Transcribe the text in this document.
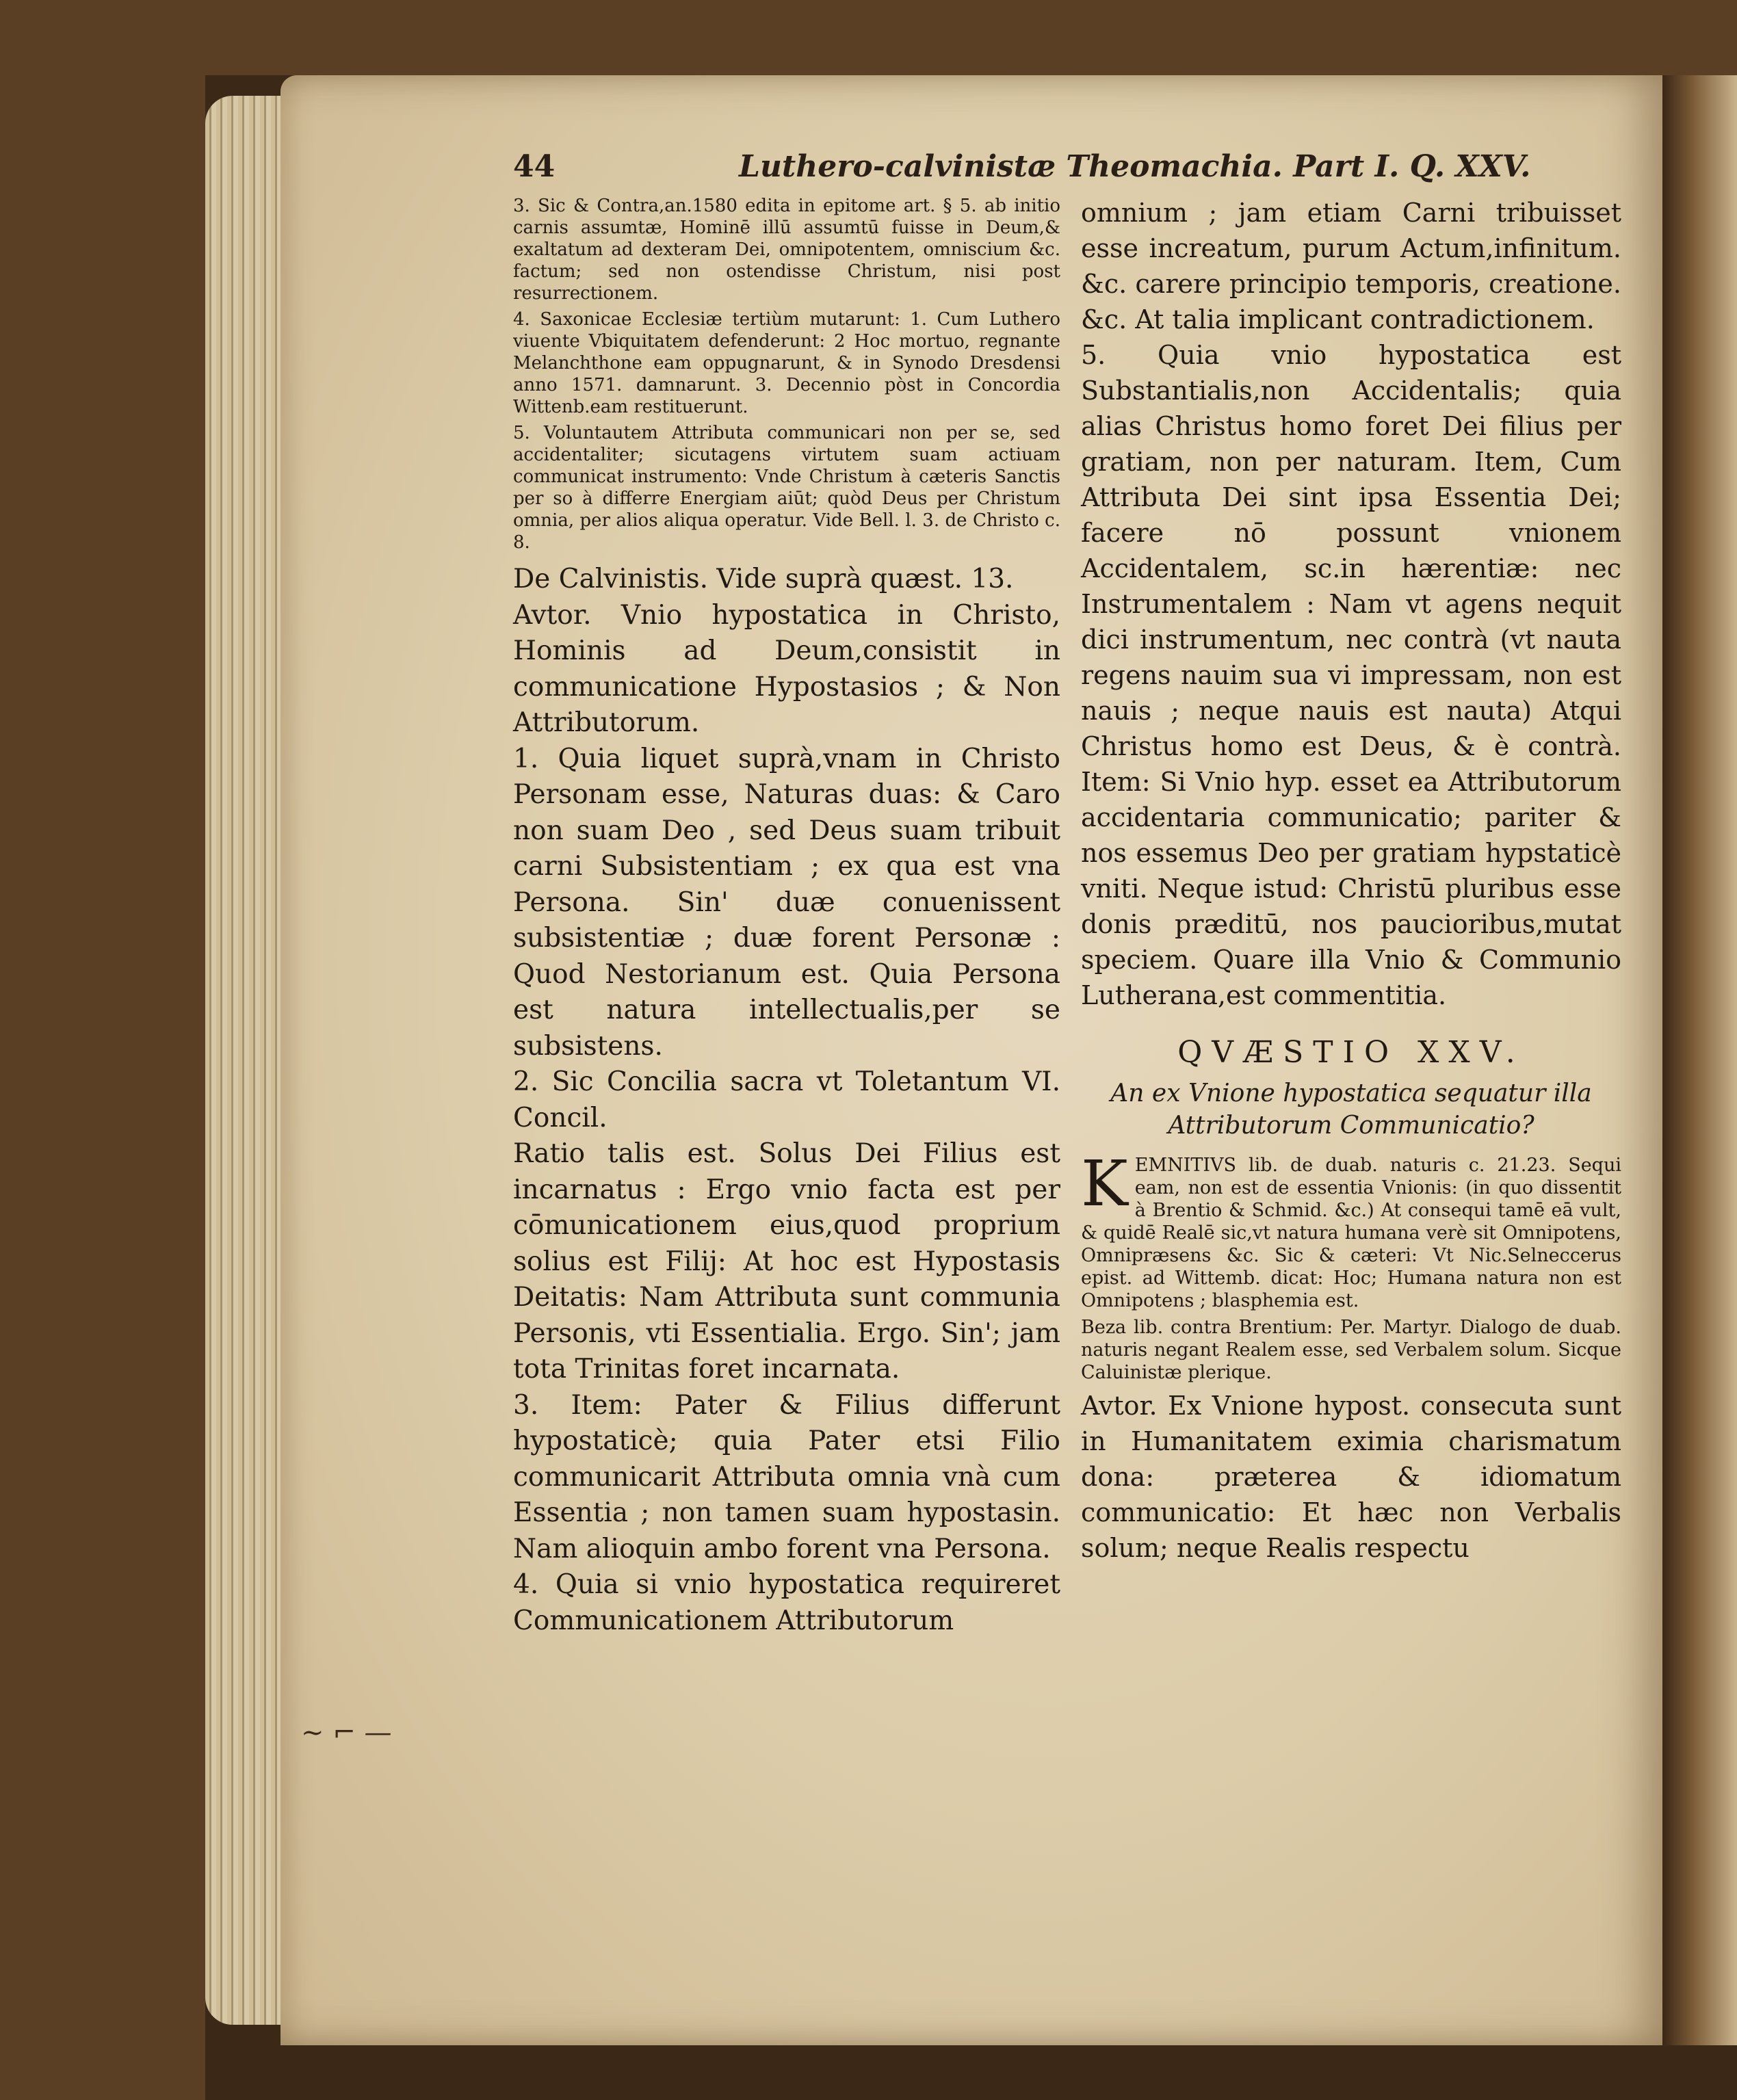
44	Luthero-calvinistæ Theomachia. Part I. Q. XXV.

3. Sic & Contra,an.1580 edita in epitome art. § 5. ab initio carnis assumtæ, Hominē illū assumtū fuisse in Deum,& exaltatum ad dexteram Dei, omnipotentem, omniscium &c. factum; sed non ostendisse Christum, nisi post resurrectionem.

4. Saxonicae Ecclesiæ tertiùm mutarunt: 1. Cum Luthero viuente Vbiquitatem defenderunt: 2 Hoc mortuo, regnante Melanchthone eam oppugnarunt, & in Synodo Dresdensi anno 1571. damnarunt. 3. Decennio pòst in Concordia Wittenb.eam restituerunt.

5. Voluntautem Attributa communicari non per se, sed accidentaliter; sicutagens virtutem suam actiuam communicat instrumento: Vnde Christum à cæteris Sanctis per so à differre Energiam aiūt; quòd Deus per Christum omnia, per alios aliqua operatur. Vide Bell. l. 3. de Christo c. 8.

De Calvinistis. Vide suprà quæst. 13.

Avtor. Vnio hypostatica in Christo, Hominis ad Deum,consistit in communicatione Hypostasios ; & Non Attributorum.

1. Quia liquet suprà,vnam in Christo Personam esse, Naturas duas: & Caro non suam Deo , sed Deus suam tribuit carni Subsistentiam ; ex qua est vna Persona. Sin' duæ conuenissent subsistentiæ ; duæ forent Personæ : Quod Nestorianum est. Quia Persona est natura intellectualis,per se subsistens.

2. Sic Concilia sacra vt Toletantum VI. Concil.

Ratio talis est. Solus Dei Filius est incarnatus : Ergo vnio facta est per cōmunicationem eius,quod proprium solius est Filij: At hoc est Hypostasis Deitatis: Nam Attributa sunt communia Personis, vti Essentialia. Ergo. Sin'; jam tota Trinitas foret incarnata.

3. Item: Pater & Filius differunt hypostaticè; quia Pater etsi Filio communicarit Attributa omnia vnà cum Essentia ; non tamen suam hypostasin. Nam alioquin ambo forent vna Persona.

4. Quia si vnio hypostatica requireret Communicationem Attributorum

omnium ; jam etiam Carni tribuisset esse increatum, purum Actum,infinitum. &c. carere principio temporis, creatione. &c. At talia implicant contradictionem.

5. Quia vnio hypostatica est Substantialis,non Accidentalis; quia alias Christus homo foret Dei filius per gratiam, non per naturam. Item, Cum Attributa Dei sint ipsa Essentia Dei; facere nō possunt vnionem Accidentalem, sc.in hærentiæ: nec Instrumentalem : Nam vt agens nequit dici instrumentum, nec contrà (vt nauta regens nauim sua vi impressam, non est nauis ; neque nauis est nauta) Atqui Christus homo est Deus, & è contrà. Item: Si Vnio hyp. esset ea Attributorum accidentaria communicatio; pariter & nos essemus Deo per gratiam hypstaticè vniti. Neque istud: Christū pluribus esse donis præditū, nos paucioribus,mutat speciem. Quare illa Vnio & Communio Lutherana,est commentitia.

QVÆSTIO XXV.
An ex Vnione hypostatica sequatur illa Attributorum Communicatio?

KEMNITIVS lib. de duab. naturis c. 21.23. Sequi eam, non est de essentia Vnionis: (in quo dissentit à Brentio & Schmid. &c.) At consequi tamē eā vult, & quidē Realē sic,vt natura humana verè sit Omnipotens, Omnipræsens &c. Sic & cæteri: Vt Nic.Selneccerus epist. ad Wittemb. dicat: Hoc; Humana natura non est Omnipotens ; blasphemia est.

Beza lib. contra Brentium: Per. Martyr. Dialogo de duab. naturis negant Realem esse, sed Verbalem solum. Sicque Caluinistæ plerique.

Avtor. Ex Vnione hypost. consecuta sunt in Humanitatem eximia charismatum dona: præterea & idiomatum communicatio: Et hæc non Verbalis solum; neque Realis respectu

~ ⌐ —
